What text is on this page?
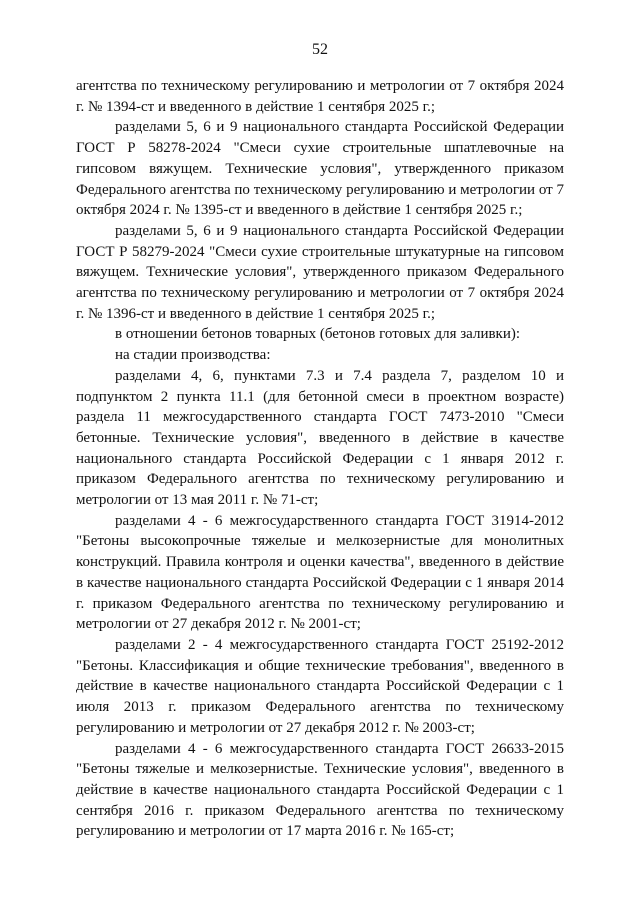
52

агентства по техническому регулированию и метрологии от 7 октября 2024 г. № 1394-ст и введенного в действие 1 сентября 2025 г.;

разделами 5, 6 и 9 национального стандарта Российской Федерации ГОСТ Р 58278-2024 "Смеси сухие строительные шпатлевочные на гипсовом вяжущем. Технические условия", утвержденного приказом Федерального агентства по техническому регулированию и метрологии от 7 октября 2024 г. № 1395-ст и введенного в действие 1 сентября 2025 г.;

разделами 5, 6 и 9 национального стандарта Российской Федерации ГОСТ Р 58279-2024 "Смеси сухие строительные штукатурные на гипсовом вяжущем. Технические условия", утвержденного приказом Федерального агентства по техническому регулированию и метрологии от 7 октября 2024 г. № 1396-ст и введенного в действие 1 сентября 2025 г.;

в отношении бетонов товарных (бетонов готовых для заливки):

на стадии производства:

разделами 4, 6, пунктами 7.3 и 7.4 раздела 7, разделом 10 и подпунктом 2 пункта 11.1 (для бетонной смеси в проектном возрасте) раздела 11 межгосударственного стандарта ГОСТ 7473-2010 "Смеси бетонные. Технические условия", введенного в действие в качестве национального стандарта Российской Федерации с 1 января 2012 г. приказом Федерального агентства по техническому регулированию и метрологии от 13 мая 2011 г. № 71-ст;

разделами 4 - 6 межгосударственного стандарта ГОСТ 31914-2012 "Бетоны высокопрочные тяжелые и мелкозернистые для монолитных конструкций. Правила контроля и оценки качества", введенного в действие в качестве национального стандарта Российской Федерации с 1 января 2014 г. приказом Федерального агентства по техническому регулированию и метрологии от 27 декабря 2012 г. № 2001-ст;

разделами 2 - 4 межгосударственного стандарта ГОСТ 25192-2012 "Бетоны. Классификация и общие технические требования", введенного в действие в качестве национального стандарта Российской Федерации с 1 июля 2013 г. приказом Федерального агентства по техническому регулированию и метрологии от 27 декабря 2012 г. № 2003-ст;

разделами 4 - 6 межгосударственного стандарта ГОСТ 26633-2015 "Бетоны тяжелые и мелкозернистые. Технические условия", введенного в действие в качестве национального стандарта Российской Федерации с 1 сентября 2016 г. приказом Федерального агентства по техническому регулированию и метрологии от 17 марта 2016 г. № 165-ст;
